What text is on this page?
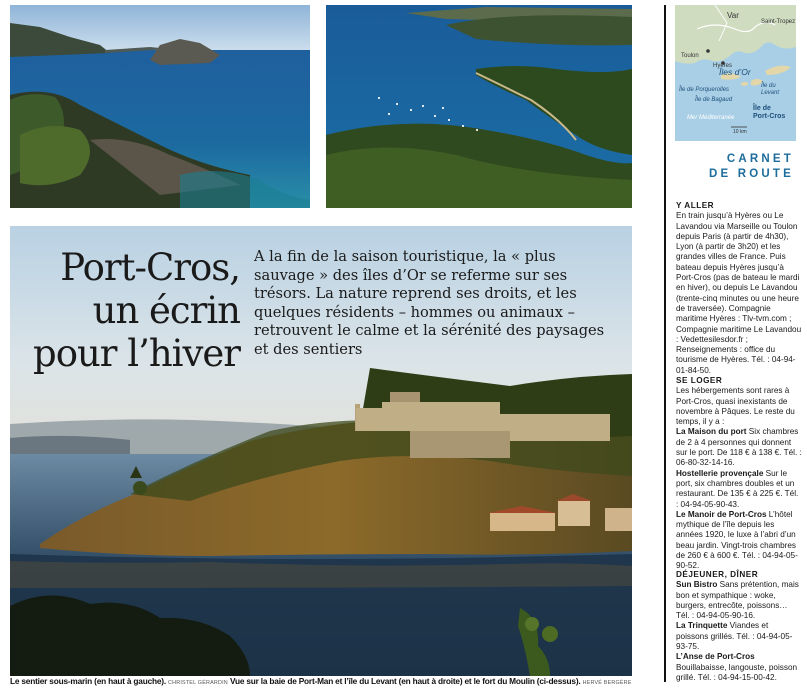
Port-Cros,
un écrin
pour l’hiver
A la fin de la saison touristique, la « plus sauvage » des îles d’Or se referme sur ses trésors. La nature reprend ses droits, et les quelques résidents – hommes ou animaux – retrouvent le calme et la sérénité des paysages et des sentiers
Le sentier sous-marin (en haut à gauche). CHRISTEL GÉRARDIN Vue sur la baie de Port-Man et l’île du Levant (en haut à droite) et le fort du Moulin (ci-dessus). HERVÉ BERGÈRE
Var
Saint-Tropez
Toulon
Hyères
Îles d’Or
Île de Porquerolles
Île du
Levant
Île de Bagaud
Île de
Port-Cros
Mer Méditerranée
10 km
CARNET
DE ROUTE
Y ALLER

En train jusqu’à Hyères ou Le Lavandou via Marseille ou Toulon depuis Paris (à partir de 4h30), Lyon (à partir de 3h20) et les grandes villes de France. Puis bateau depuis Hyères jusqu’à Port-Cros (pas de bateau le mardi en hiver), ou depuis Le Lavandou (trente-cinq minutes ou une heure de traversée). Compagnie maritime Hyères : Tlv-tvm.com ; Compagnie maritime Le Lavandou : Vedettesilesdor.fr ; Renseignements : office du tourisme de Hyères. Tél. : 04-94-01-84-50.

SE LOGER

Les hébergements sont rares à Port-Cros, quasi inexistants de novembre à Pâques. Le reste du temps, il y a :

La Maison du port Six chambres de 2 à 4 personnes qui donnent sur le port. De 118 € à 138 €. Tél. : 06-80-32-14-16.

Hostellerie provençale Sur le port, six chambres doubles et un restaurant. De 135 € à 225 €. Tél. : 04-94-05-90-43.

Le Manoir de Port-Cros L’hôtel mythique de l’île depuis les années 1920, le luxe à l’abri d’un beau jardin. Vingt-trois chambres de 260 € à 600 €. Tél. : 04-94-05-90-52.

DÉJEUNER, DÎNER

Sun Bistro Sans prétention, mais bon et sympathique : woke, burgers, entrecôte, poissons… Tél. : 04-94-05-90-16.

La Trinquette Viandes et poissons grillés. Tél. : 04-94-05-93-75.

L’Anse de Port-Cros Bouillabaisse, langouste, poisson grillé. Tél. : 04-94-15-00-42.
